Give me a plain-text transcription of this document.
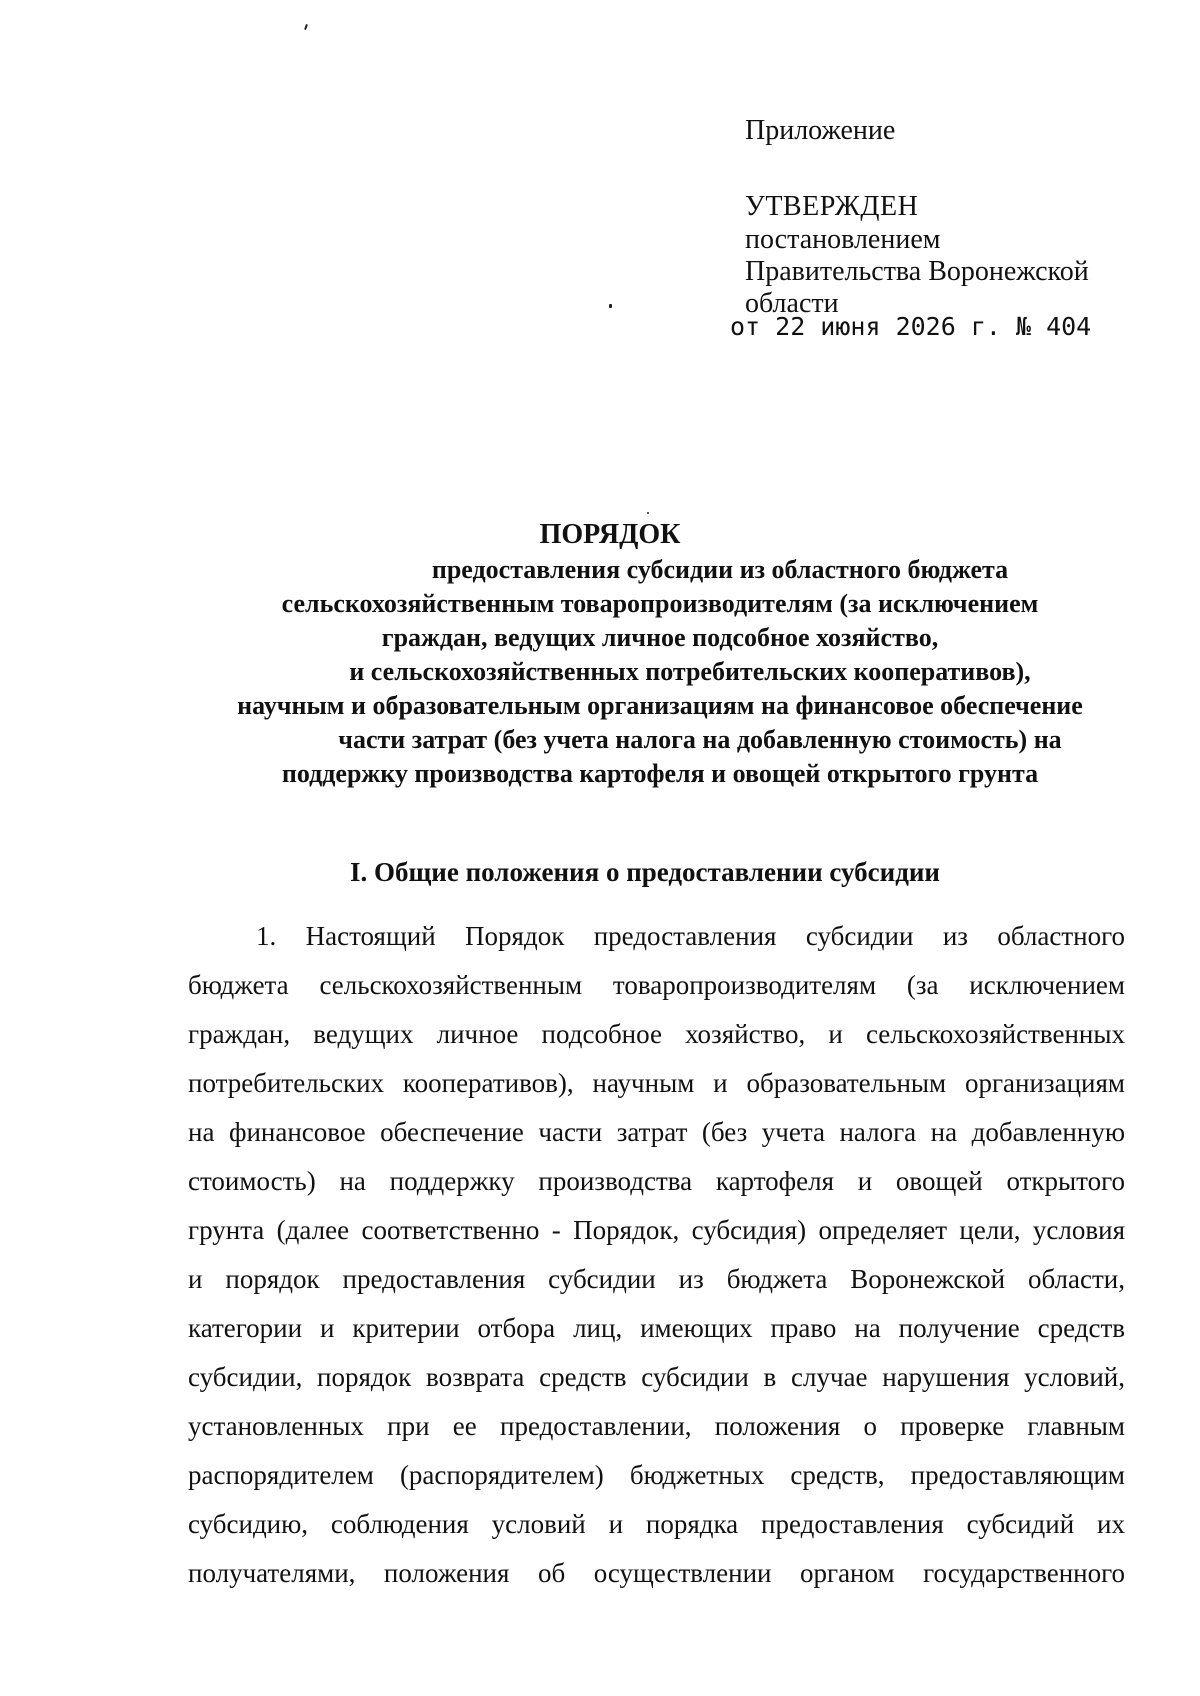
Приложение

УТВЕРЖДЕН

постановлением

Правительства Воронежской

области

от 22 июня 2026 г. № 404
ПОРЯДОК
предоставления субсидии из областного бюджета
сельскохозяйственным товаропроизводителям (за исключением
граждан, ведущих личное подсобное хозяйство,
и сельскохозяйственных потребительских кооперативов),
научным и образовательным организациям на финансовое обеспечение
части затрат (без учета налога на добавленную стоимость) на
поддержку производства картофеля и овощей открытого грунта
I. Общие положения о предоставлении субсидии
1. Настоящий Порядок предоставления субсидии из областного
бюджета сельскохозяйственным товаропроизводителям (за исключением
граждан, ведущих личное подсобное хозяйство, и сельскохозяйственных
потребительских кооперативов), научным и образовательным организациям
на финансовое обеспечение части затрат (без учета налога на добавленную
стоимость) на поддержку производства картофеля и овощей открытого
грунта (далее соответственно - Порядок, субсидия) определяет цели, условия
и порядок предоставления субсидии из бюджета Воронежской области,
категории и критерии отбора лиц, имеющих право на получение средств
субсидии, порядок возврата средств субсидии в случае нарушения условий,
установленных при ее предоставлении, положения о проверке главным
распорядителем (распорядителем) бюджетных средств, предоставляющим
субсидию, соблюдения условий и порядка предоставления субсидий их
получателями, положения об осуществлении органом государственного
